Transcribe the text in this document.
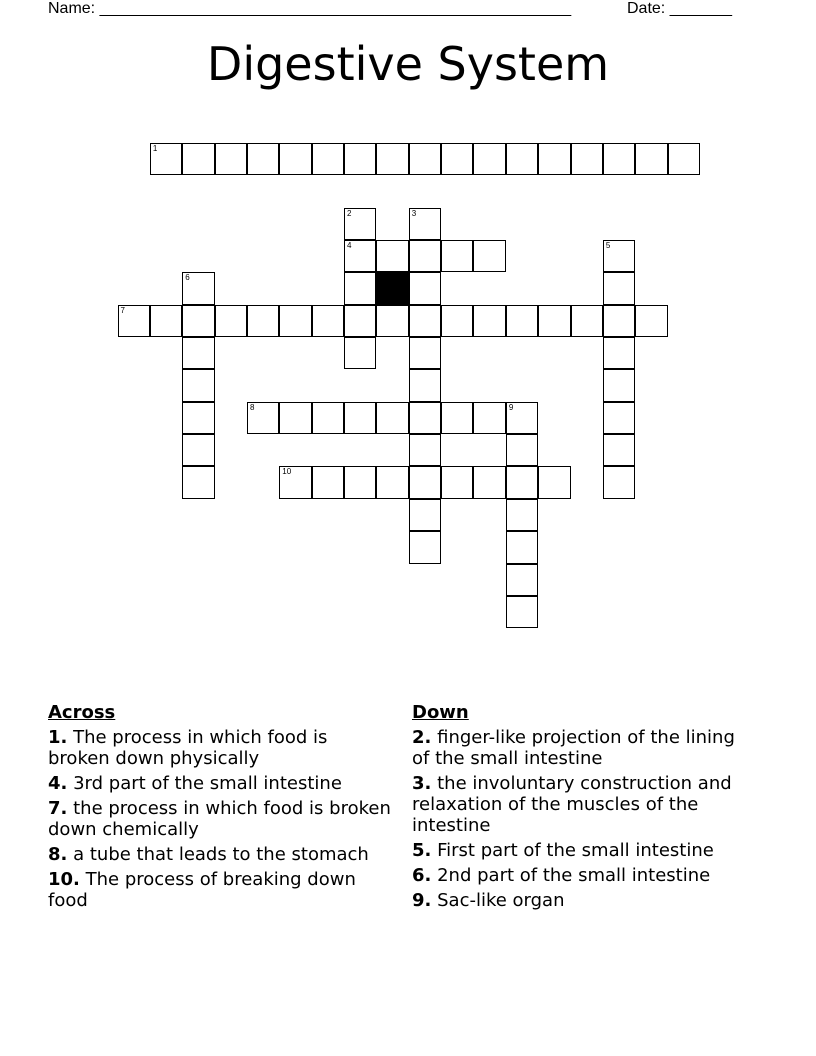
Name: _____________________________________________________	Date: _______
Digestive System
1
2	3
4	5
6
7
8	9
10
Across
1. The process in which food is broken down physically
4. 3rd part of the small intestine
7. the process in which food is broken down chemically
8. a tube that leads to the stomach
10. The process of breaking down food
Down
2. finger-like projection of the lining of the small intestine
3. the involuntary construction and relaxation of the muscles of the intestine
5. First part of the small intestine
6. 2nd part of the small intestine
9. Sac-like organ
